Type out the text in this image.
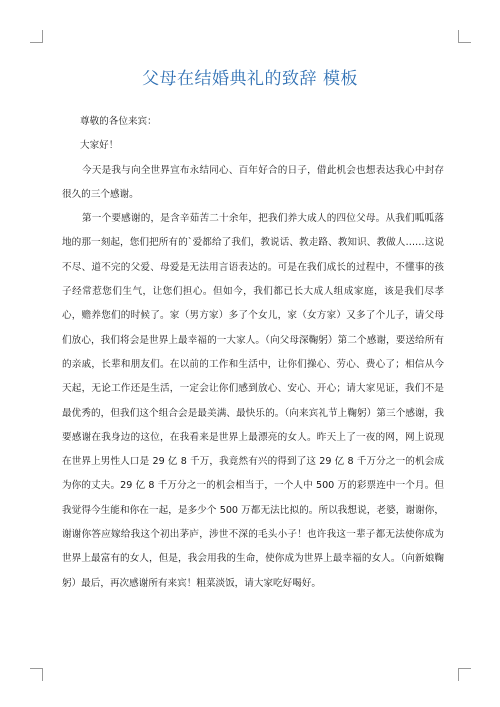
父母在结婚典礼的致辞 模板

尊敬的各位来宾：

大家好！

今天是我与向全世界宣布永结同心、百年好合的日子，借此机会也想表达我心中封存很久的三个感谢。

第一个要感谢的，是含辛茹苦二十余年，把我们养大成人的四位父母。从我们呱呱落地的那一刻起，您们把所有的`爱都给了我们，教说话、教走路、教知识、教做人……这说不尽、道不完的父爱、母爱是无法用言语表达的。可是在我们成长的过程中，不懂事的孩子经常惹您们生气，让您们担心。但如今，我们都已长大成人组成家庭，该是我们尽孝心，赡养您们的时候了。家（男方家）多了个女儿，家（女方家）又多了个儿子，请父母们放心，我们将会是世界上最幸福的一大家人。（向父母深鞠躬）第二个感谢，要送给所有的亲戚，长辈和朋友们。在以前的工作和生活中，让你们操心、劳心、费心了；相信从今天起，无论工作还是生活，一定会让你们感到放心、安心、开心；请大家见证，我们不是最优秀的，但我们这个组合会是最美满、最快乐的。（向来宾礼节上鞠躬）第三个感谢，我要感谢在我身边的这位，在我看来是世界上最漂亮的女人。昨天上了一夜的网，网上说现在世界上男性人口是 29 亿 8 千万，我竟然有兴的得到了这 29 亿 8 千万分之一的机会成为你的丈夫。29 亿 8 千万分之一的机会相当于，一个人中 500 万的彩票连中一个月。但我觉得今生能和你在一起，是多少个 500 万都无法比拟的。所以我想说，老婆，谢谢你，谢谢你答应嫁给我这个初出茅庐，涉世不深的毛头小子！也许我这一辈子都无法使你成为世界上最富有的女人，但是，我会用我的生命，使你成为世界上最幸福的女人。（向新娘鞠躬）最后，再次感谢所有来宾！粗菜淡饭，请大家吃好喝好。
